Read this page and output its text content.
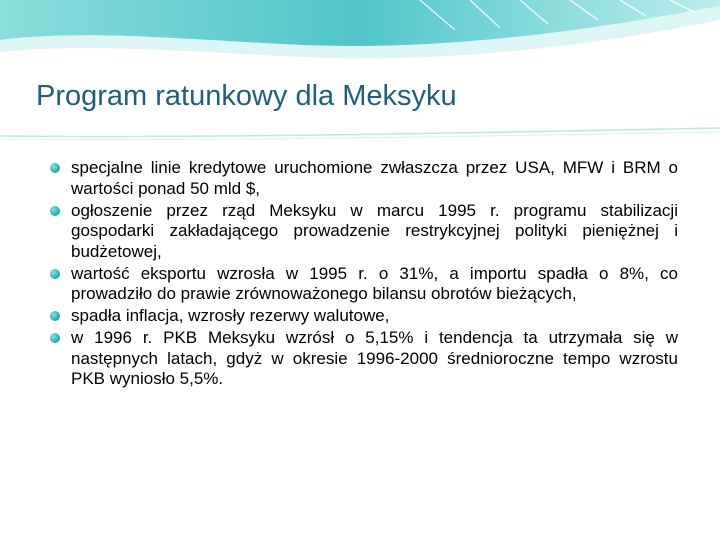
Program ratunkowy dla Meksyku
specjalne linie kredytowe uruchomione zwłaszcza przez USA, MFW i BRM o wartości ponad 50 mld $,
ogłoszenie przez rząd Meksyku w marcu 1995 r. programu stabilizacji gospodarki zakładającego prowadzenie restrykcyjnej polityki pieniężnej i budżetowej,
wartość eksportu wzrosła w 1995 r. o 31%, a importu spadła o 8%, co prowadziło do prawie zrównoważonego bilansu obrotów bieżących,
spadła inflacja, wzrosły rezerwy walutowe,
w 1996 r. PKB Meksyku wzrósł o 5,15% i tendencja ta utrzymała się w następnych latach, gdyż w okresie 1996-2000 średnioroczne tempo wzrostu PKB wyniosło 5,5%.
